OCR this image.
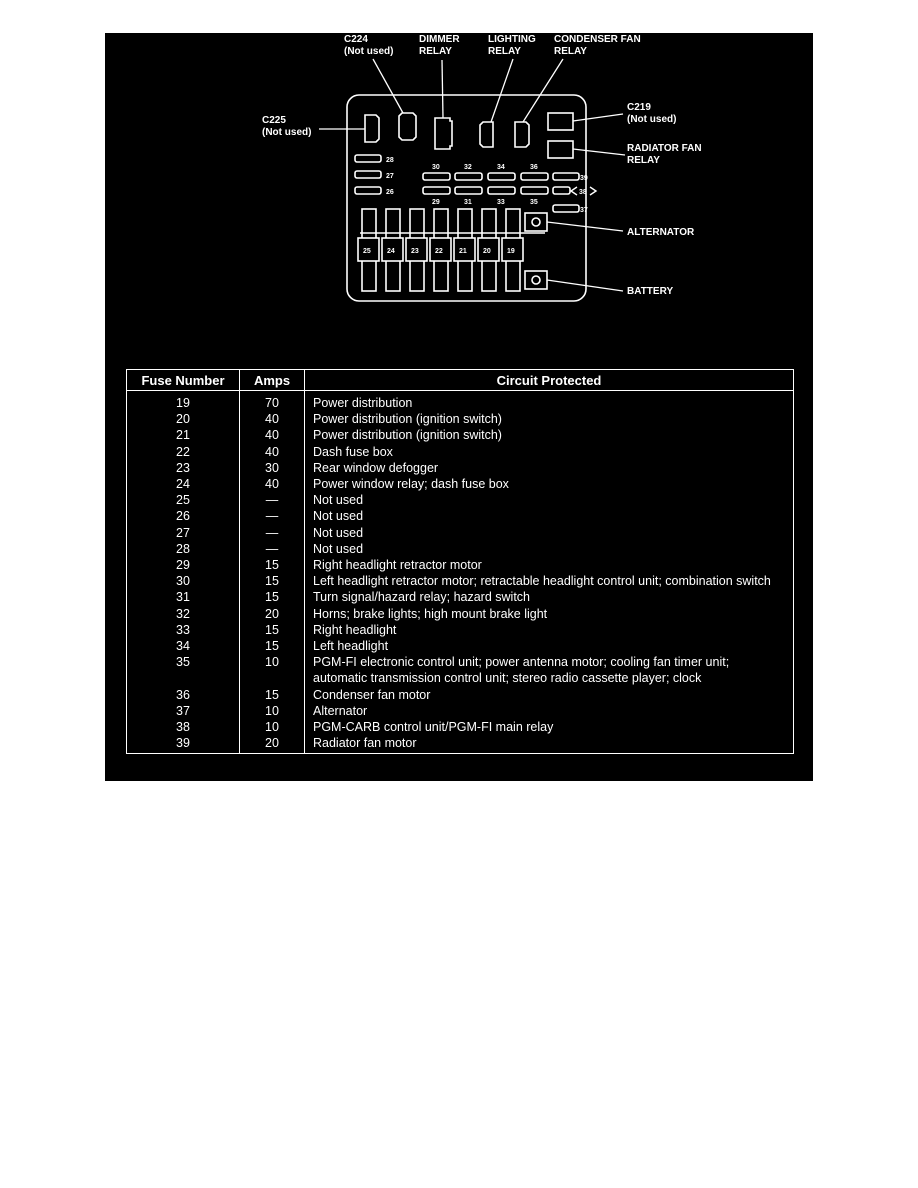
C224 (Not used)
DIMMER RELAY
LIGHTING RELAY
CONDENSER FAN RELAY
C225 (Not used)
C219 (Not used)
RADIATOR FAN RELAY
ALTERNATOR
BATTERY
28
27
26
30	32	34	36
29	31	33	35
39
38
37
25 24 23 22 21 20 19
Fuse Number	Amps	Circuit Protected
19	70	Power distribution
20	40	Power distribution (ignition switch)
21	40	Power distribution (ignition switch)
22	40	Dash fuse box
23	30	Rear window defogger
24	40	Power window relay; dash fuse box
25	—	Not used
26	—	Not used
27	—	Not used
28	—	Not used
29	15	Right headlight retractor motor
30	15	Left headlight retractor motor; retractable headlight control unit; combination switch
31	15	Turn signal/hazard relay; hazard switch
32	20	Horns; brake lights; high mount brake light
33	15	Right headlight
34	15	Left headlight
35	10	PGM-FI electronic control unit; power antenna motor; cooling fan timer unit; automatic transmission control unit; stereo radio cassette player; clock
36	15	Condenser fan motor
37	10	Alternator
38	10	PGM-CARB control unit/PGM-FI main relay
39	20	Radiator fan motor
